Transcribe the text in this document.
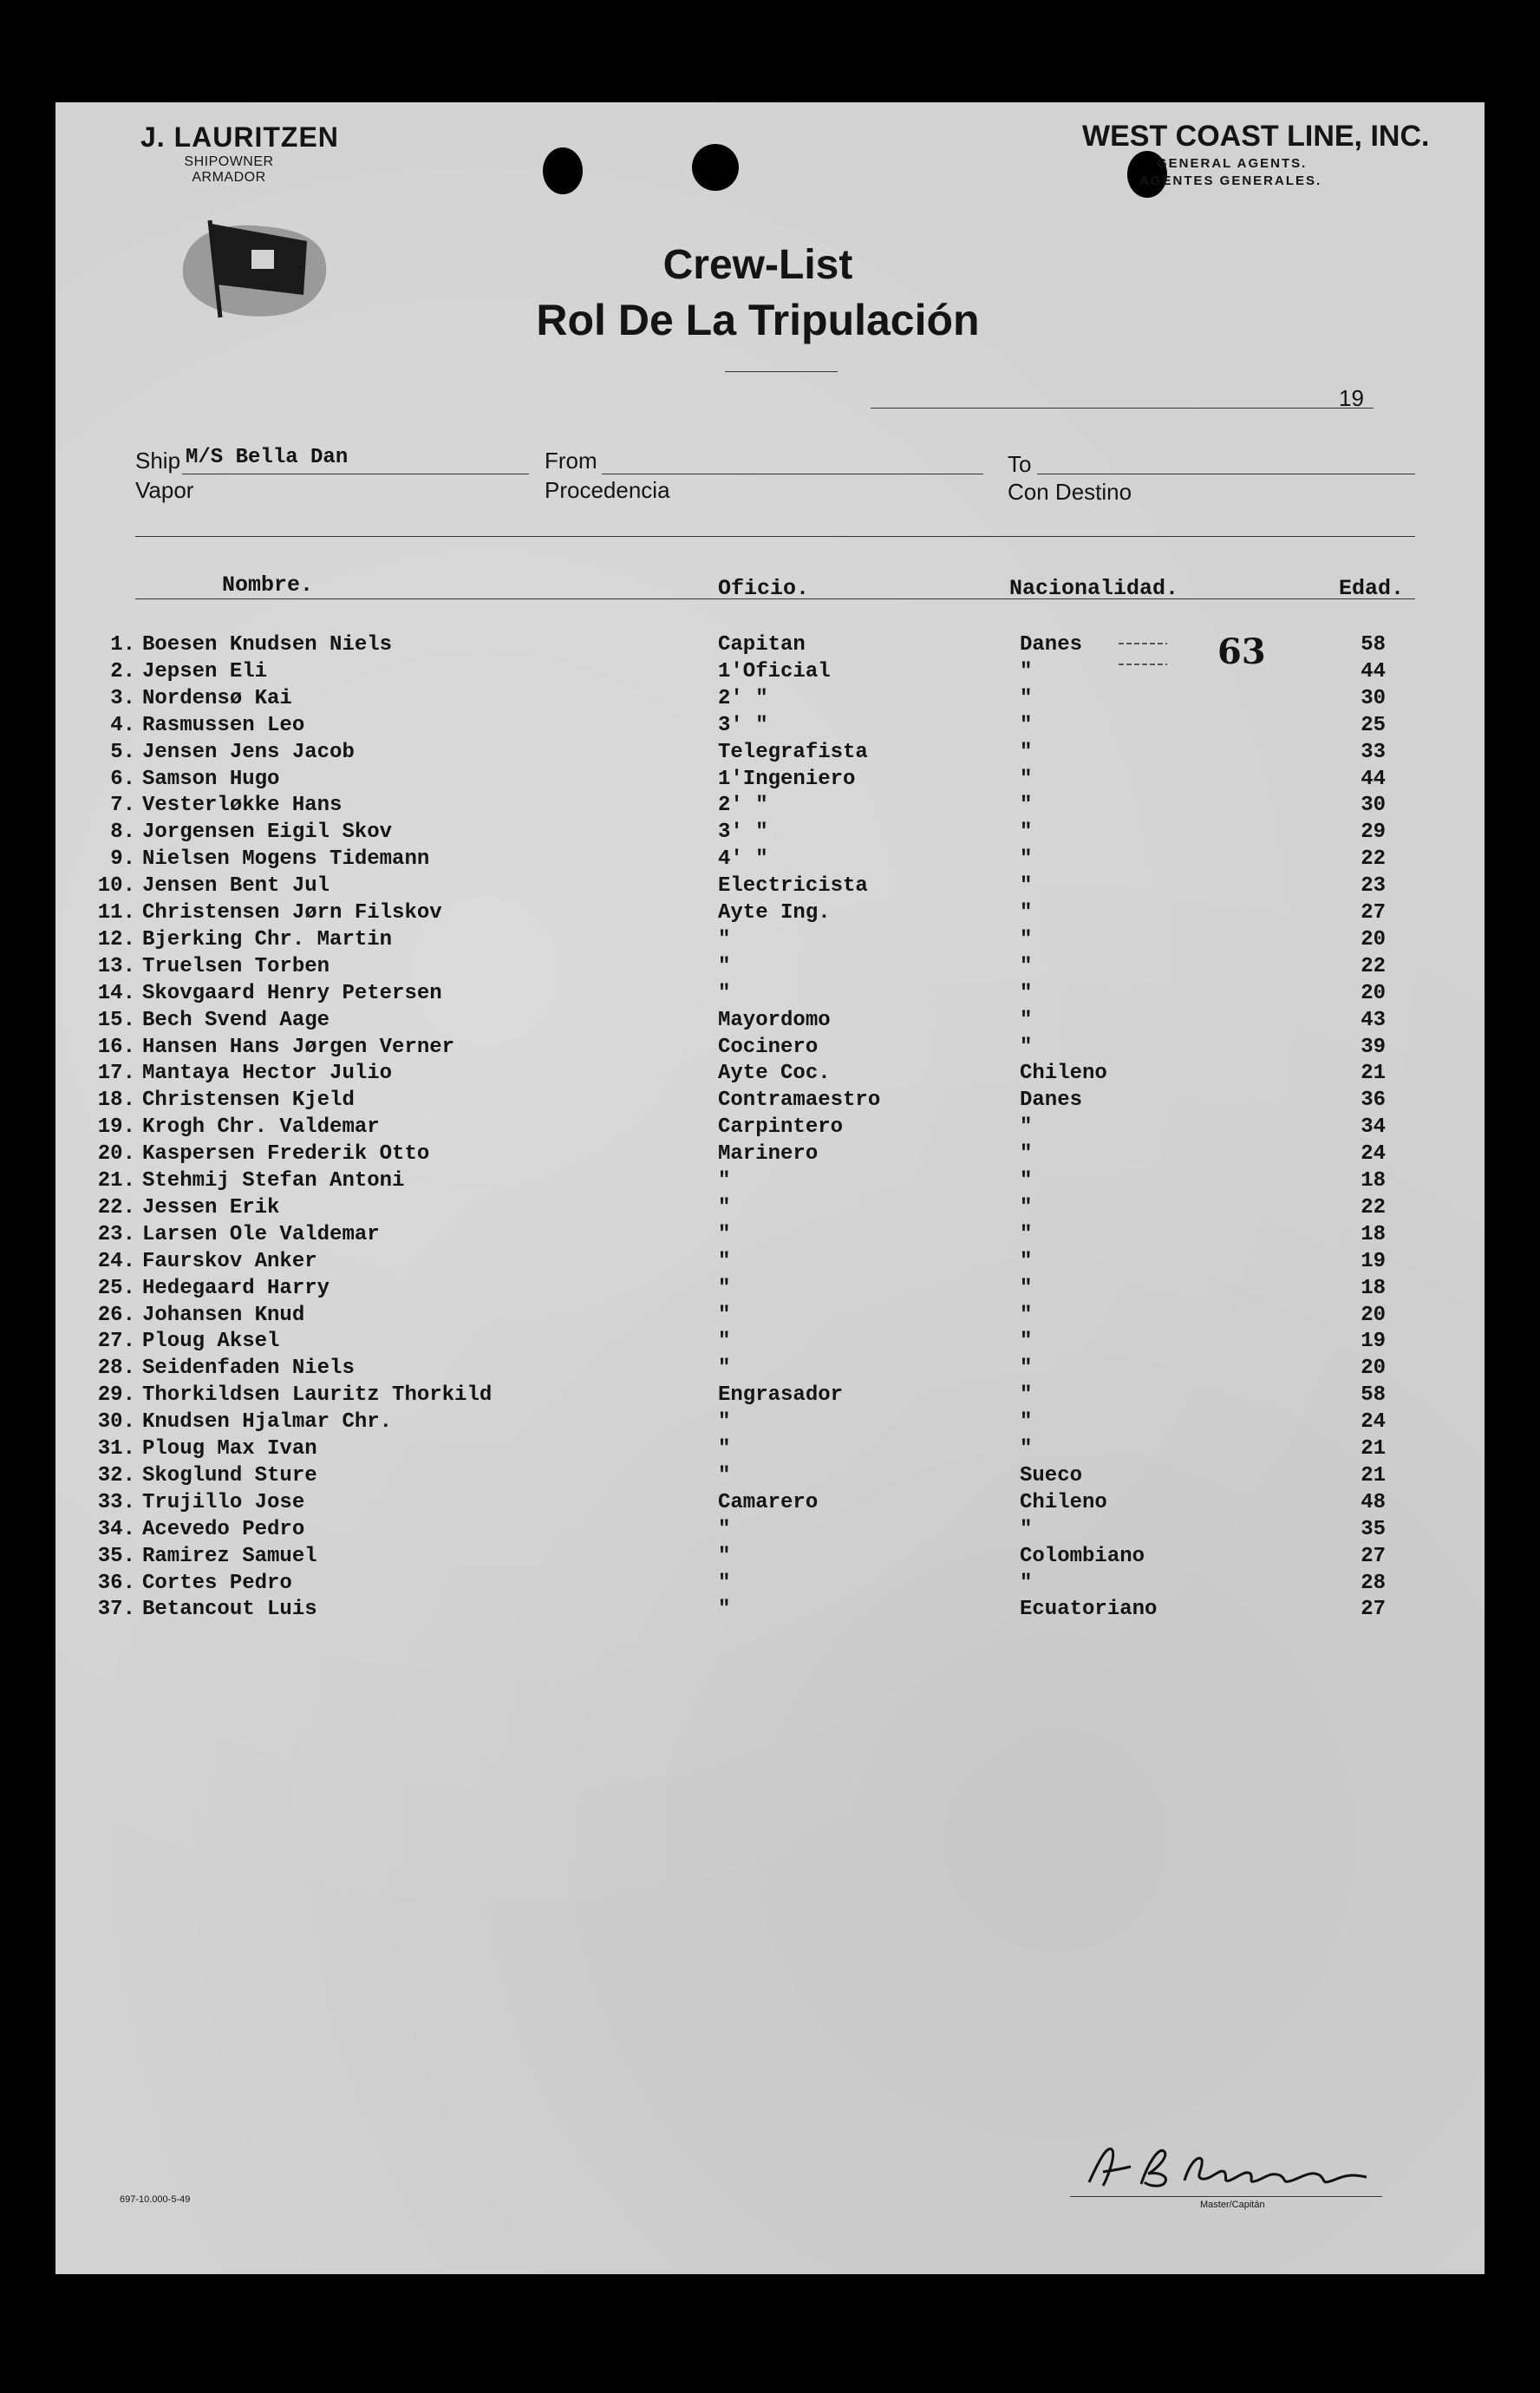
J. LAURITZEN
SHIPOWNER
ARMADOR
WEST COAST LINE, INC.
GENERAL AGENTS.
AGENTES GENERALES.
Crew-List
Rol De La Tripulación
19
Ship M/S Bella Dan
Vapor
From
Procedencia
To
Con Destino
Nombre.	Oficio.	Nacionalidad.	Edad.
63
1. Boesen Knudsen Niels	Capitan	Danes	58
2. Jepsen Eli	1'Oficial	"	44
3. Nordensø Kai	2' "	"	30
4. Rasmussen Leo	3' "	"	25
5. Jensen Jens Jacob	Telegrafista	"	33
6. Samson Hugo	1'Ingeniero	"	44
7. Vesterløkke Hans	2' "	"	30
8. Jorgensen Eigil Skov	3' "	"	29
9. Nielsen Mogens Tidemann	4' "	"	22
10. Jensen Bent Jul	Electricista	"	23
11. Christensen Jørn Filskov	Ayte Ing.	"	27
12. Bjerking Chr. Martin	"	"	20
13. Truelsen Torben	"	"	22
14. Skovgaard Henry Petersen	"	"	20
15. Bech Svend Aage	Mayordomo	"	43
16. Hansen Hans Jørgen Verner	Cocinero	"	39
17. Mantaya Hector Julio	Ayte Coc.	Chileno	21
18. Christensen Kjeld	Contramaestro	Danes	36
19. Krogh Chr. Valdemar	Carpintero	"	34
20. Kaspersen Frederik Otto	Marinero	"	24
21. Stehmij Stefan Antoni	"	"	18
22. Jessen Erik	"	"	22
23. Larsen Ole Valdemar	"	"	18
24. Faurskov Anker	"	"	19
25. Hedegaard Harry	"	"	18
26. Johansen Knud	"	"	20
27. Ploug Aksel	"	"	19
28. Seidenfaden Niels	"	"	20
29. Thorkildsen Lauritz Thorkild	Engrasador	"	58
30. Knudsen Hjalmar Chr.	"	"	24
31. Ploug Max Ivan	"	"	21
32. Skoglund Sture	"	Sueco	21
33. Trujillo Jose	Camarero	Chileno	48
34. Acevedo Pedro	"	"	35
35. Ramirez Samuel	"	Colombiano	27
36. Cortes Pedro	"	"	28
37. Betancout Luis	"	Ecuatoriano	27
697-10.000-5-49	Master/Capitán
